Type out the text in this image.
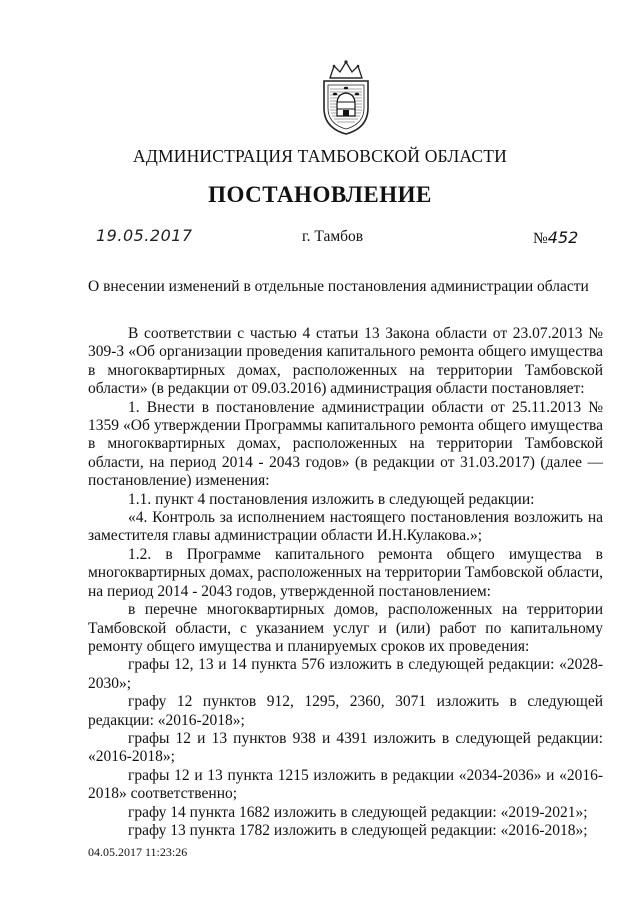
АДМИНИСТРАЦИЯ ТАМБОВСКОЙ ОБЛАСТИ
ПОСТАНОВЛЕНИЕ
19.05.2017	г. Тамбов	№452
О внесении изменений в отдельные постановления администрации области

В соответствии с частью 4 статьи 13 Закона области от 23.07.2013 № 309-З «Об организации проведения капитального ремонта общего имущества в многоквартирных домах, расположенных на территории Тамбовской области» (в редакции от 09.03.2016) администрация области постановляет:

1. Внести в постановление администрации области от 25.11.2013 № 1359 «Об утверждении Программы капитального ремонта общего имущества в многоквартирных домах, расположенных на территории Тамбовской области, на период 2014 - 2043 годов» (в редакции от 31.03.2017) (далее — постановление) изменения:

1.1. пункт 4 постановления изложить в следующей редакции:

«4. Контроль за исполнением настоящего постановления возложить на заместителя главы администрации области И.Н.Кулакова.»;

1.2. в Программе капитального ремонта общего имущества в многоквартирных домах, расположенных на территории Тамбовской области, на период 2014 - 2043 годов, утвержденной постановлением:

в перечне многоквартирных домов, расположенных на территории Тамбовской области, с указанием услуг и (или) работ по капитальному ремонту общего имущества и планируемых сроков их проведения:

графы 12, 13 и 14 пункта 576 изложить в следующей редакции: «2028-2030»;

графу 12 пунктов 912, 1295, 2360, 3071 изложить в следующей редакции: «2016-2018»;

графы 12 и 13 пунктов 938 и 4391 изложить в следующей редакции: «2016-2018»;

графы 12 и 13 пункта 1215 изложить в редакции «2034-2036» и «2016-2018» соответственно;

графу 14 пункта 1682 изложить в следующей редакции: «2019-2021»;

графу 13 пункта 1782 изложить в следующей редакции: «2016-2018»;

04.05.2017 11:23:26
